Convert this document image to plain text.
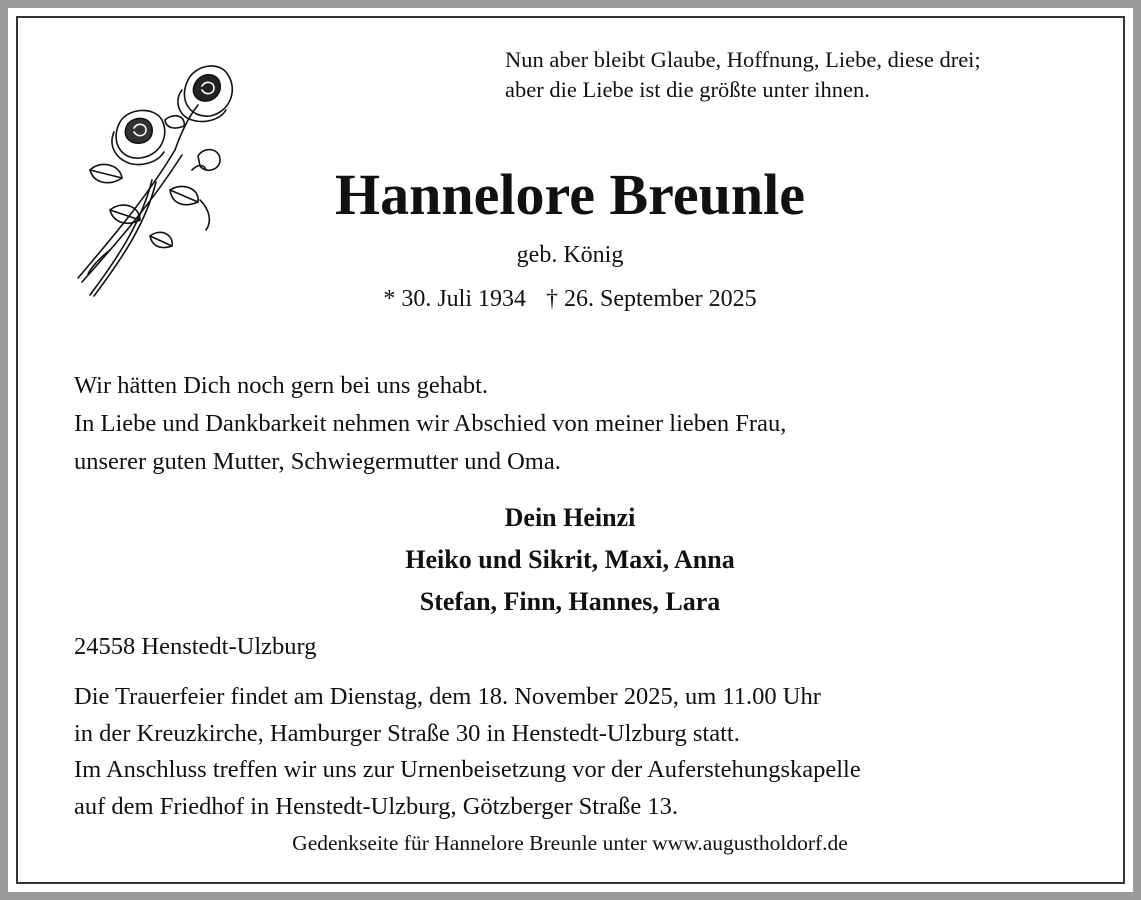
Nun aber bleibt Glaube, Hoffnung, Liebe, diese drei;
aber die Liebe ist die größte unter ihnen.
Hannelore Breunle
geb. König
* 30. Juli 1934 † 26. September 2025
Wir hätten Dich noch gern bei uns gehabt.
In Liebe und Dankbarkeit nehmen wir Abschied von meiner lieben Frau,
unserer guten Mutter, Schwiegermutter und Oma.
Dein Heinzi
Heiko und Sikrit, Maxi, Anna
Stefan, Finn, Hannes, Lara
24558 Henstedt-Ulzburg
Die Trauerfeier findet am Dienstag, dem 18. November 2025, um 11.00 Uhr
in der Kreuzkirche, Hamburger Straße 30 in Henstedt-Ulzburg statt.
Im Anschluss treffen wir uns zur Urnenbeisetzung vor der Auferstehungskapelle
auf dem Friedhof in Henstedt-Ulzburg, Götzberger Straße 13.
Gedenkseite für Hannelore Breunle unter www.augustholdorf.de
